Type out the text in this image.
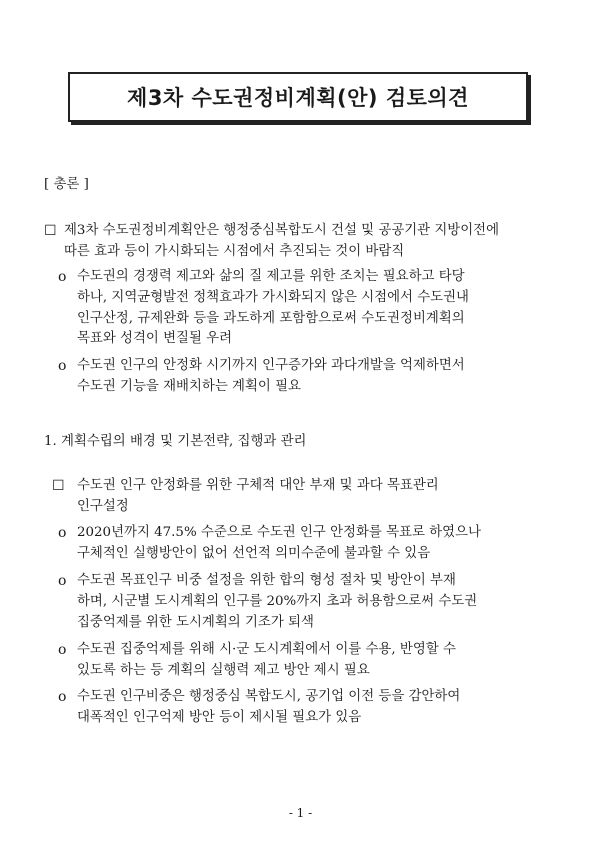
제3차 수도권정비계획(안) 검토의견
[ 총론 ]
☐ 제3차 수도권정비계획안은 행정중심복합도시 건설 및 공공기관 지방이전에
따른 효과 등이 가시화되는 시점에서 추진되는 것이 바람직
o 수도권의 경쟁력 제고와 삶의 질 제고를 위한 조치는 필요하고 타당
하나, 지역균형발전 정책효과가 가시화되지 않은 시점에서 수도권내
인구산정, 규제완화 등을 과도하게 포함함으로써 수도권정비계획의
목표와 성격이 변질될 우려
o 수도권 인구의 안정화 시기까지 인구증가와 과다개발을 억제하면서
수도권 기능을 재배치하는 계획이 필요
1. 계획수립의 배경 및 기본전략, 집행과 관리
☐ 수도권 인구 안정화를 위한 구체적 대안 부재 및 과다 목표관리
인구설정
o 2020년까지 47.5% 수준으로 수도권 인구 안정화를 목표로 하였으나
구체적인 실행방안이 없어 선언적 의미수준에 불과할 수 있음
o 수도권 목표인구 비중 설정을 위한 합의 형성 절차 및 방안이 부재
하며, 시군별 도시계획의 인구를 20%까지 초과 허용함으로써 수도권
집중억제를 위한 도시계획의 기조가 퇴색
o 수도권 집중억제를 위해 시·군 도시계획에서 이를 수용, 반영할 수
있도록 하는 등 계획의 실행력 제고 방안 제시 필요
o 수도권 인구비중은 행정중심 복합도시, 공기업 이전 등을 감안하여
대폭적인 인구억제 방안 등이 제시될 필요가 있음
- 1 -
